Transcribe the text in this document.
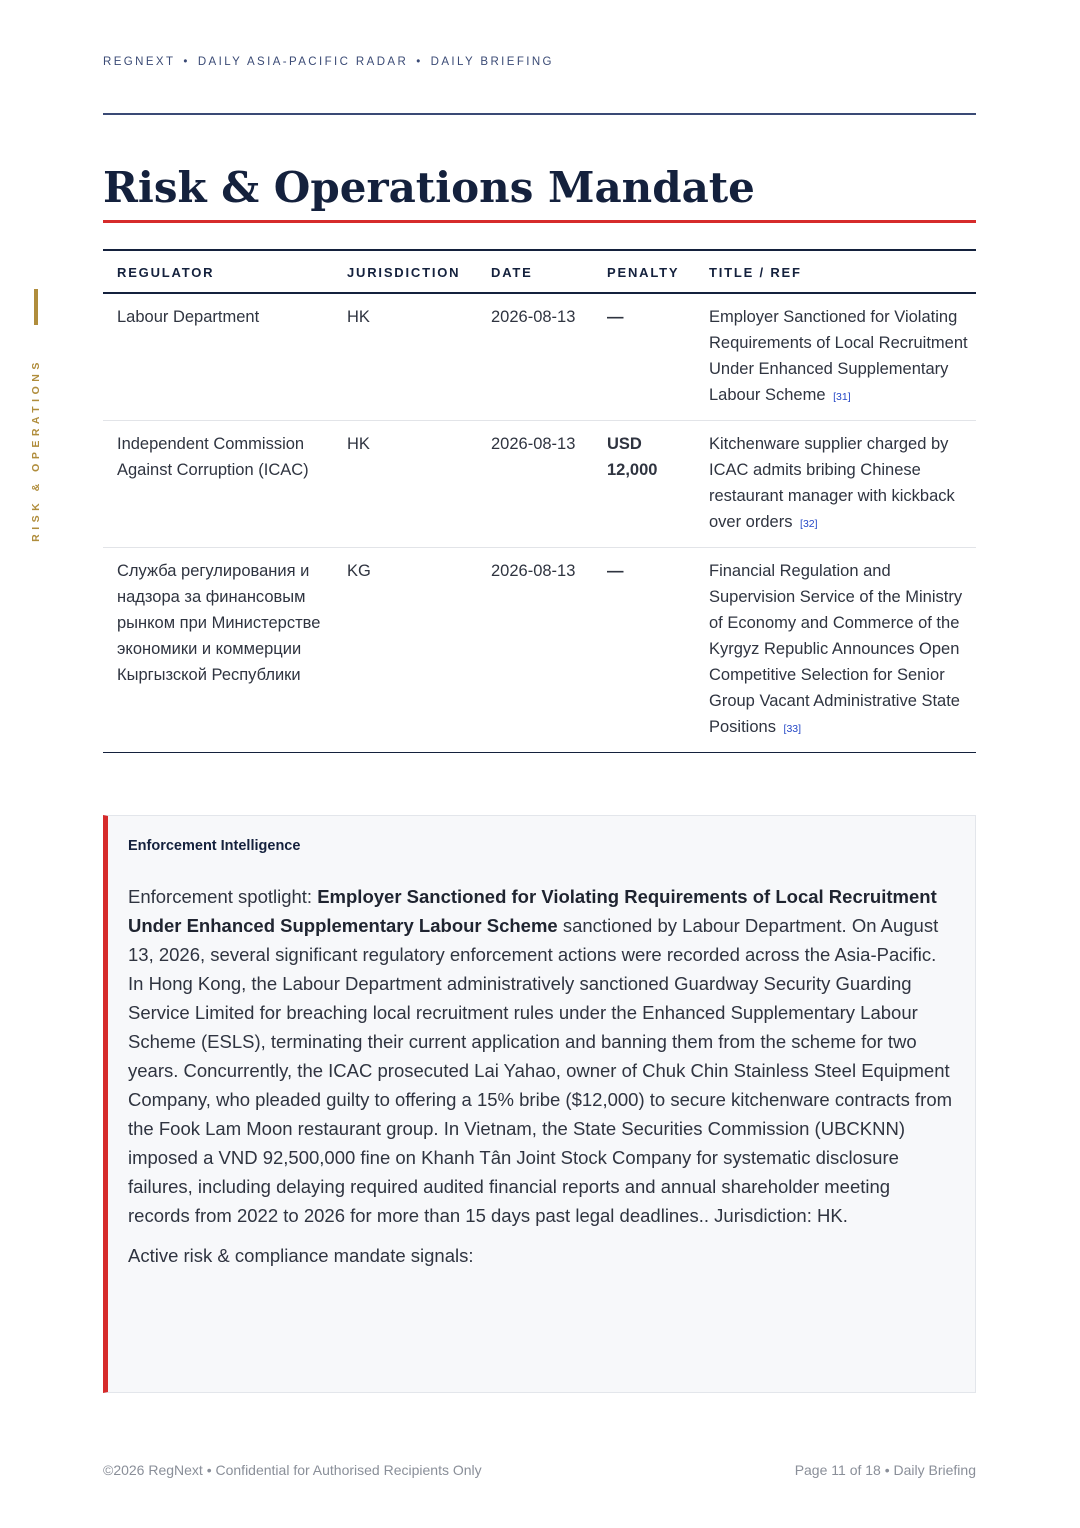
REGNEXT • DAILY ASIA-PACIFIC RADAR • DAILY BRIEFING
RISK & OPERATIONS
Risk & Operations Mandate
REGULATOR	JURISDICTION	DATE	PENALTY	TITLE / REF
Labour Department	HK	2026-08-13	—	Employer Sanctioned for Violating Requirements of Local Recruitment Under Enhanced Supplementary Labour Scheme [31]
Independent Commission Against Corruption (ICAC)	HK	2026-08-13	USD 12,000	Kitchenware supplier charged by ICAC admits bribing Chinese restaurant manager with kickback over orders [32]
Служба регулирования и надзора за финансовым рынком при Министерстве экономики и коммерции Кыргызской Республики	KG	2026-08-13	—	Financial Regulation and Supervision Service of the Ministry of Economy and Commerce of the Kyrgyz Republic Announces Open Competitive Selection for Senior Group Vacant Administrative State Positions [33]
Enforcement Intelligence

Enforcement spotlight: Employer Sanctioned for Violating Requirements of Local Recruitment Under Enhanced Supplementary Labour Scheme sanctioned by Labour Department. On August 13, 2026, several significant regulatory enforcement actions were recorded across the Asia-Pacific. In Hong Kong, the Labour Department administratively sanctioned Guardway Security Guarding Service Limited for breaching local recruitment rules under the Enhanced Supplementary Labour Scheme (ESLS), terminating their current application and banning them from the scheme for two years. Concurrently, the ICAC prosecuted Lai Yahao, owner of Chuk Chin Stainless Steel Equipment Company, who pleaded guilty to offering a 15% bribe ($12,000) to secure kitchenware contracts from the Fook Lam Moon restaurant group. In Vietnam, the State Securities Commission (UBCKNN) imposed a VND 92,500,000 fine on Khanh Tân Joint Stock Company for systematic disclosure failures, including delaying required audited financial reports and annual shareholder meeting records from 2022 to 2026 for more than 15 days past legal deadlines.. Jurisdiction: HK.

Active risk & compliance mandate signals:

©2026 RegNext • Confidential for Authorised Recipients Only	Page 11 of 18 • Daily Briefing
